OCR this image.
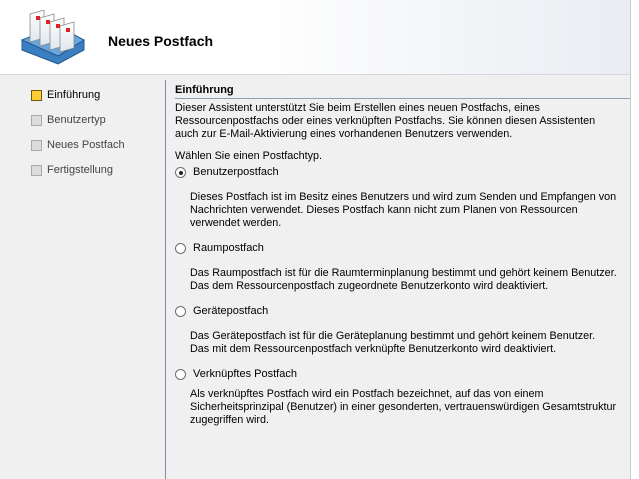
Neues Postfach
Einführung
Benutzertyp
Neues Postfach
Fertigstellung
Einführung
Dieser Assistent unterstützt Sie beim Erstellen eines neuen Postfachs, eines
Ressourcenpostfachs oder eines verknüpften Postfachs. Sie können diesen Assistenten
auch zur E-Mail-Aktivierung eines vorhandenen Benutzers verwenden.
Wählen Sie einen Postfachtyp.
Benutzerpostfach
Dieses Postfach ist im Besitz eines Benutzers und wird zum Senden und Empfangen von
Nachrichten verwendet. Dieses Postfach kann nicht zum Planen von Ressourcen
verwendet werden.
Raumpostfach
Das Raumpostfach ist für die Raumterminplanung bestimmt und gehört keinem Benutzer.
Das dem Ressourcenpostfach zugeordnete Benutzerkonto wird deaktiviert.
Gerätepostfach
Das Gerätepostfach ist für die Geräteplanung bestimmt und gehört keinem Benutzer.
Das mit dem Ressourcenpostfach verknüpfte Benutzerkonto wird deaktiviert.
Verknüpftes Postfach
Als verknüpftes Postfach wird ein Postfach bezeichnet, auf das von einem
Sicherheitsprinzipal (Benutzer) in einer gesonderten, vertrauenswürdigen Gesamtstruktur
zugegriffen wird.
